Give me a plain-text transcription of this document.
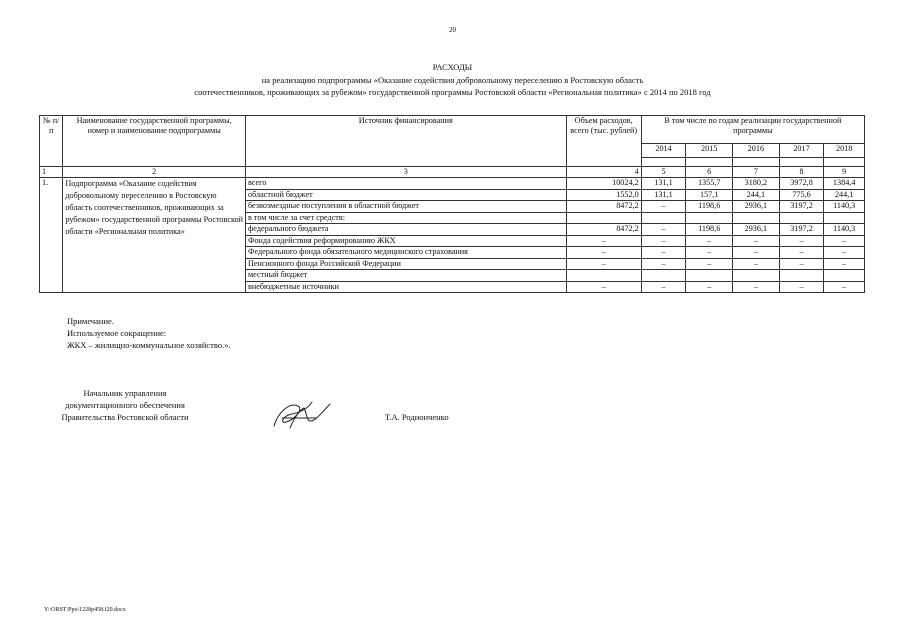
20
РАСХОДЫ
на реализацию подпрограммы «Оказание содействия добровольному переселению в Ростовскую область
соотечественников, проживающих за рубежом» государственной программы Ростовской области «Региональная политика» с 2014 по 2018 год
№ п/п	Наименование государственной программы, номер и наименование подпрограммы	Источник финансирования	Объем расходов, всего (тыс. рублей)	В том числе по годам реализации государственной программы				
				2014	2015	2016	2017	2018

1	2	3	4	5	6	7	8	9
1.	Подпрограмма «Оказание содействия добровольному переселению в Ростовскую область соотечественников, проживающих за рубежом» государственной программы Ростовской области «Региональная политика»	всего	10024,2	131,1	1355,7	3180,2	3972,8	1384,4
		областной бюджет	1552,0	131,1	157,1	244,1	775,6	244,1
		безвозмездные поступления в областной бюджет	8472,2	–	1198,6	2936,1	3197,2	1140,3
		в том числе за счет средств:						
		федерального бюджета	8472,2	–	1198,6	2936,1	3197,2	1140,3
		Фонда содействия реформированию ЖКХ	–	–	–	–	–	–
		Федерального фонда обязательного медицинского страхования	–	–	–	–	–	–
		Пенсионного фонда Российской Федерации	–	–	–	–	–	–
		местный бюджет						
		внебюджетные источники	–	–	–	–	–	–
Примечание.
Используемое сокращение:
ЖКХ – жилищно-коммунальное хозяйство.».
Начальник управления
документационного обеспечения
Правительства Ростовской области	Т.А. Родионченко
Y:\ORST\Ppo\1228p458.f20.docx
